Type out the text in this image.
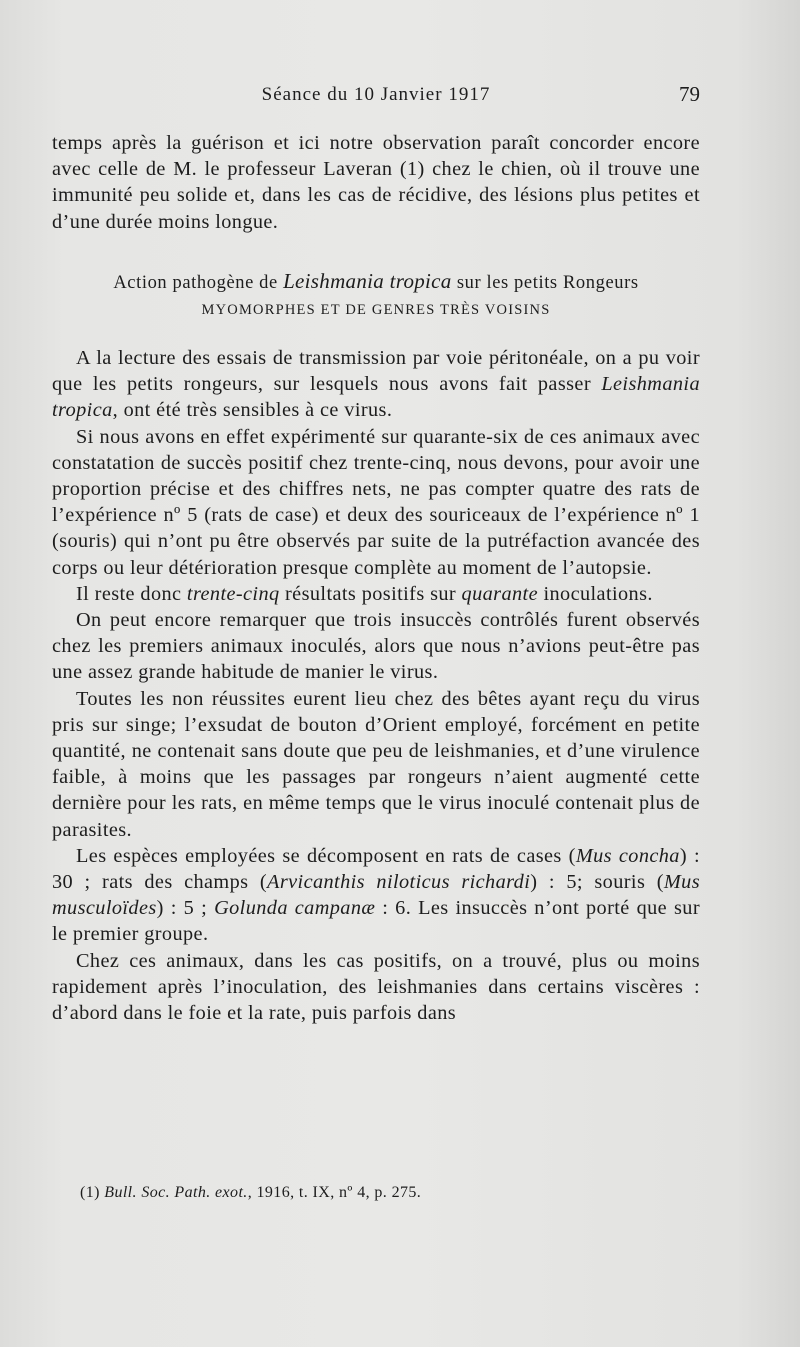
Séance du 10 Janvier 1917	79

temps après la guérison et ici notre observation paraît concorder encore avec celle de M. le professeur Laveran (1) chez le chien, où il trouve une immunité peu solide et, dans les cas de récidive, des lésions plus petites et d’une durée moins longue.

Action pathogène de Leishmania tropica sur les petits Rongeurs
MYOMORPHES ET DE GENRES TRÈS VOISINS

A la lecture des essais de transmission par voie péritonéale, on a pu voir que les petits rongeurs, sur lesquels nous avons fait passer Leishmania tropica, ont été très sensibles à ce virus.

Si nous avons en effet expérimenté sur quarante-six de ces animaux avec constatation de succès positif chez trente-cinq, nous devons, pour avoir une proportion précise et des chiffres nets, ne pas compter quatre des rats de l’expérience nº 5 (rats de case) et deux des souriceaux de l’expérience nº 1 (souris) qui n’ont pu être observés par suite de la putréfaction avancée des corps ou leur détérioration presque complète au moment de l’autopsie.

Il reste donc trente-cinq résultats positifs sur quarante inoculations.

On peut encore remarquer que trois insuccès contrôlés furent observés chez les premiers animaux inoculés, alors que nous n’avions peut-être pas une assez grande habitude de manier le virus.

Toutes les non réussites eurent lieu chez des bêtes ayant reçu du virus pris sur singe; l’exsudat de bouton d’Orient employé, forcément en petite quantité, ne contenait sans doute que peu de leishmanies, et d’une virulence faible, à moins que les passages par rongeurs n’aient augmenté cette dernière pour les rats, en même temps que le virus inoculé contenait plus de parasites.

Les espèces employées se décomposent en rats de cases (Mus concha) : 30 ; rats des champs (Arvicanthis niloticus richardi) : 5; souris (Mus musculoïdes) : 5 ; Golunda campanæ : 6. Les insuccès n’ont porté que sur le premier groupe.

Chez ces animaux, dans les cas positifs, on a trouvé, plus ou moins rapidement après l’inoculation, des leishmanies dans certains viscères : d’abord dans le foie et la rate, puis parfois dans

(1) Bull. Soc. Path. exot., 1916, t. IX, nº 4, p. 275.
